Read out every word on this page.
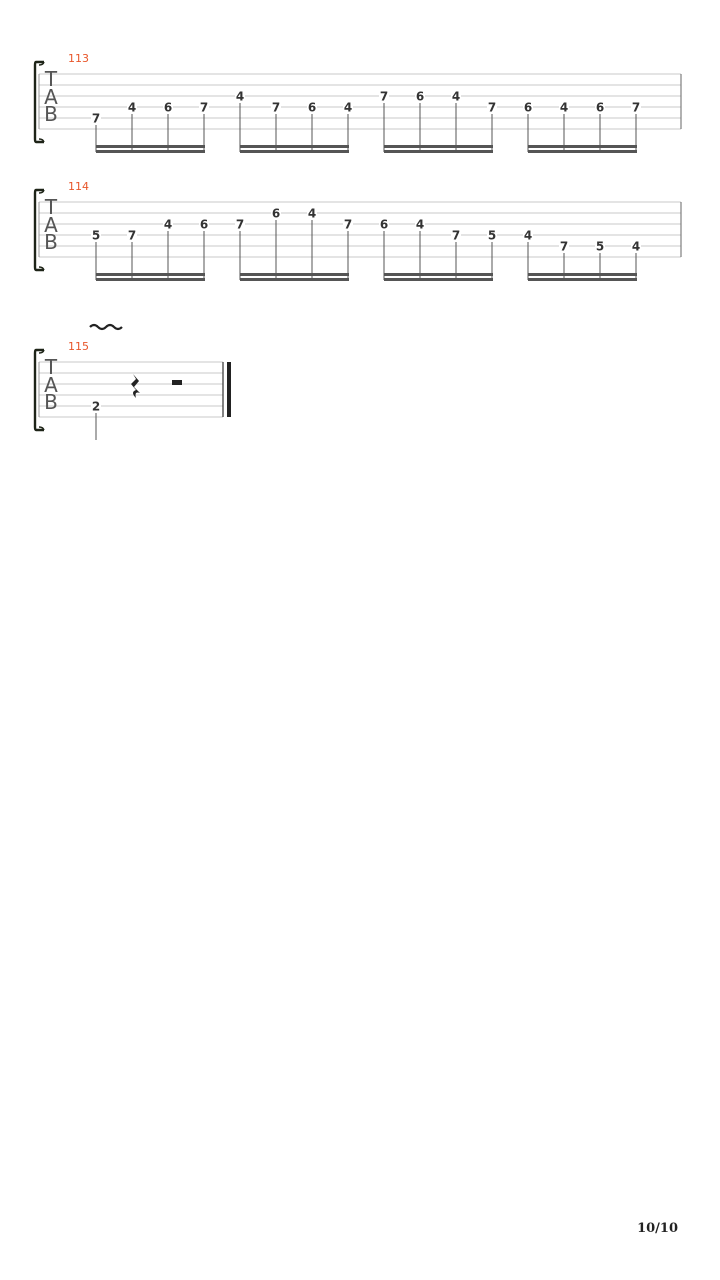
T
A
B	7
4 6 7
4
7 6 4
7 6 4
7 6 4 6 7
113
T
A
B	5 7
4 6 7
6 4
7 6 4
7 5 4
7 5 4
114
T
A
B	2
115
10/10
